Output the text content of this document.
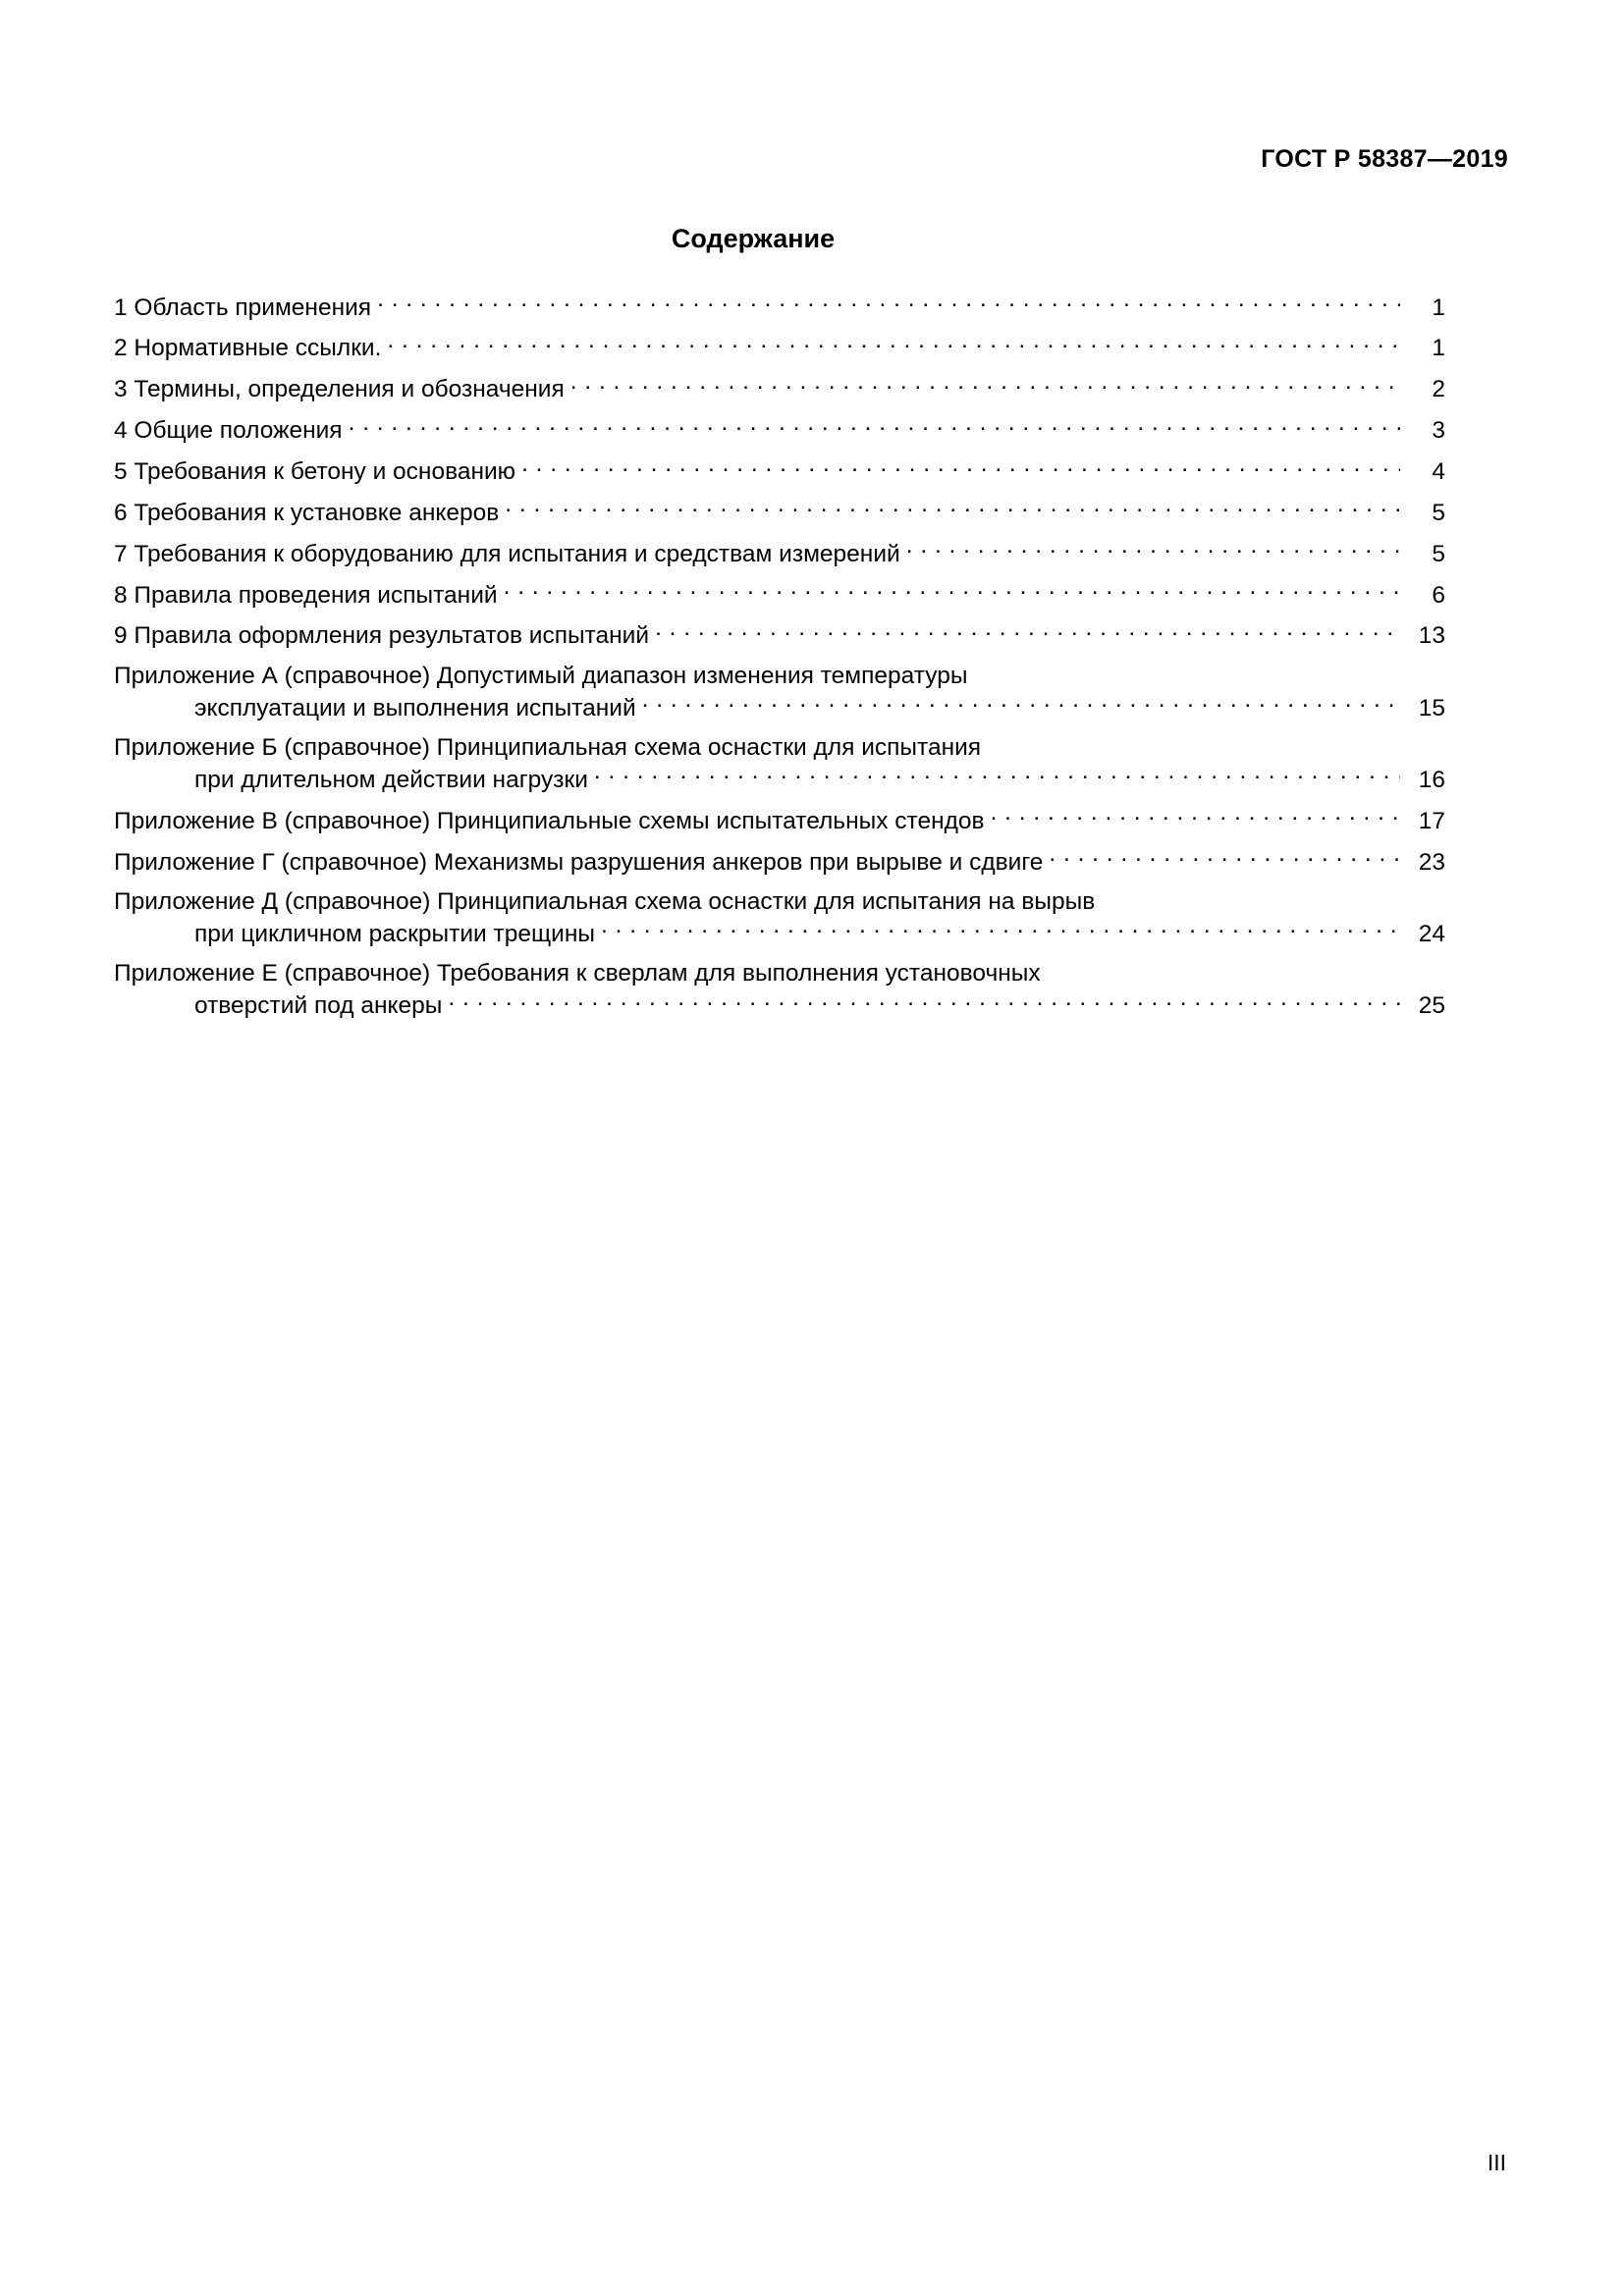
ГОСТ Р 58387—2019
Содержание
1 Область применения . . .	1
2 Нормативные ссылки. . . .	1
3 Термины, определения и обозначения . . .	2
4 Общие положения . . .	3
5 Требования к бетону и основанию . . .	4
6 Требования к установке анкеров . . .	5
7 Требования к оборудованию для испытания и средствам измерений . . .	5
8 Правила проведения испытаний . . .	6
9 Правила оформления результатов испытаний . . .	13
Приложение А (справочное) Допустимый диапазон изменения температуры
эксплуатации и выполнения испытаний . . .	15
Приложение Б (справочное) Принципиальная схема оснастки для испытания
при длительном действии нагрузки . . .	16
Приложение В (справочное) Принципиальные схемы испытательных стендов . . .	17
Приложение Г (справочное) Механизмы разрушения анкеров при вырыве и сдвиге . . .	23
Приложение Д (справочное) Принципиальная схема оснастки для испытания на вырыв
при цикличном раскрытии трещины . . .	24
Приложение Е (справочное) Требования к сверлам для выполнения установочных
отверстий под анкеры . . .	25
III
